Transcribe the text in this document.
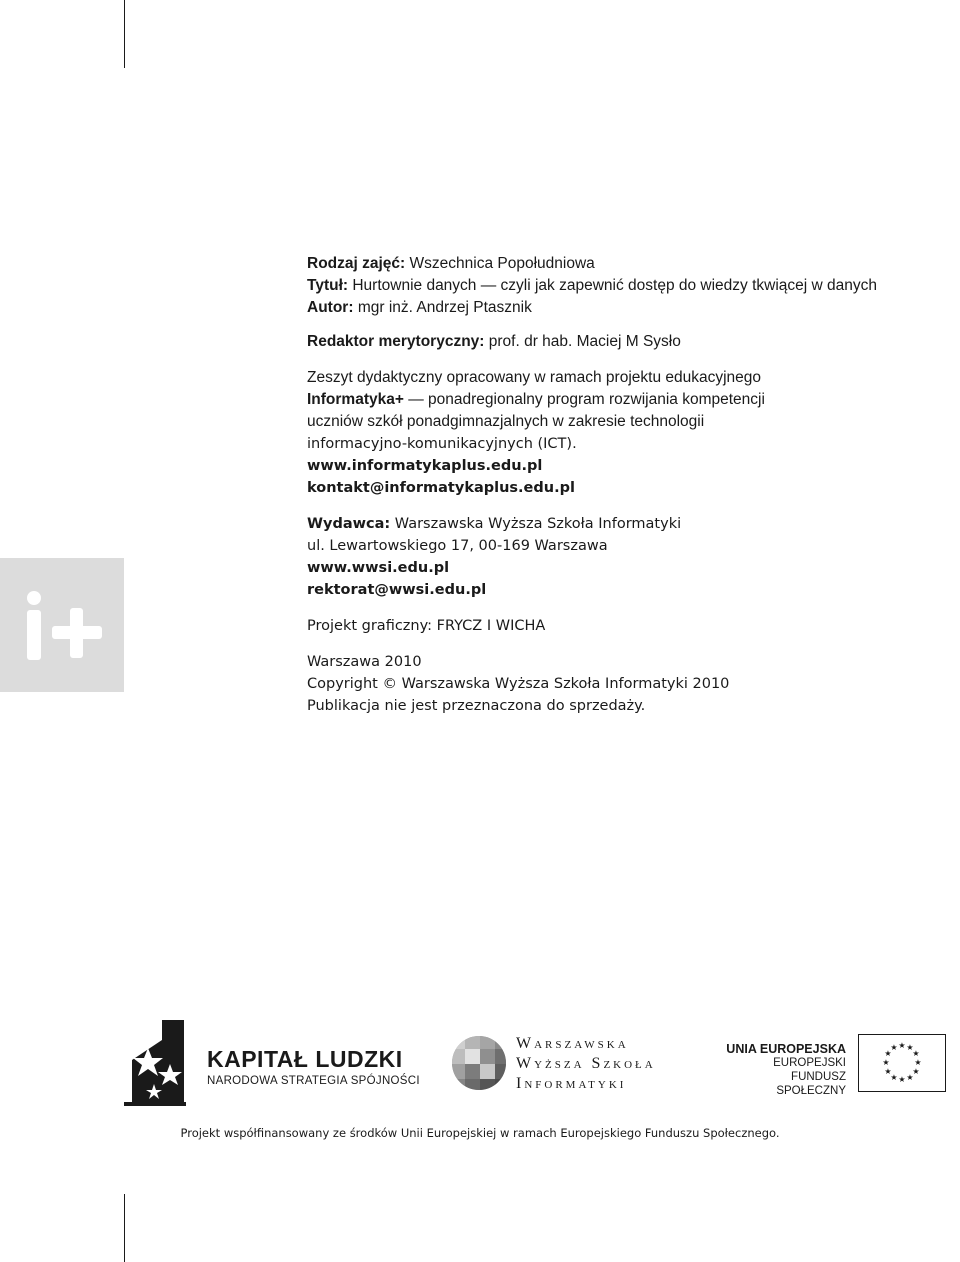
Rodzaj zajęć: Wszechnica Popołudniowa
Tytuł: Hurtownie danych — czyli jak zapewnić dostęp do wiedzy tkwiącej w danych
Autor: mgr inż. Andrzej Ptasznik
Redaktor merytoryczny: prof. dr hab. Maciej M Sysło
Zeszyt dydaktyczny opracowany w ramach projektu edukacyjnego
Informatyka+ — ponadregionalny program rozwijania kompetencji
uczniów szkół ponadgimnazjalnych w zakresie technologii
informacyjno-komunikacyjnych (ICT).
www.informatykaplus.edu.pl
kontakt@informatykaplus.edu.pl
Wydawca: Warszawska Wyższa Szkoła Informatyki
ul. Lewartowskiego 17, 00-169 Warszawa
www.wwsi.edu.pl
rektorat@wwsi.edu.pl
Projekt graficzny: FRYCZ I WICHA
Warszawa 2010
Copyright © Warszawska Wyższa Szkoła Informatyki 2010
Publikacja nie jest przeznaczona do sprzedaży.
KAPITAŁ LUDZKI
NARODOWA STRATEGIA SPÓJNOŚCI
Warszawska
Wyższa Szkoła
Informatyki
UNIA EUROPEJSKA
EUROPEJSKI
FUNDUSZ SPOŁECZNY
★ ★
★
★
★
★
★
★
★
★
★
★
Projekt współfinansowany ze środków Unii Europejskiej w ramach Europejskiego Funduszu Społecznego.
